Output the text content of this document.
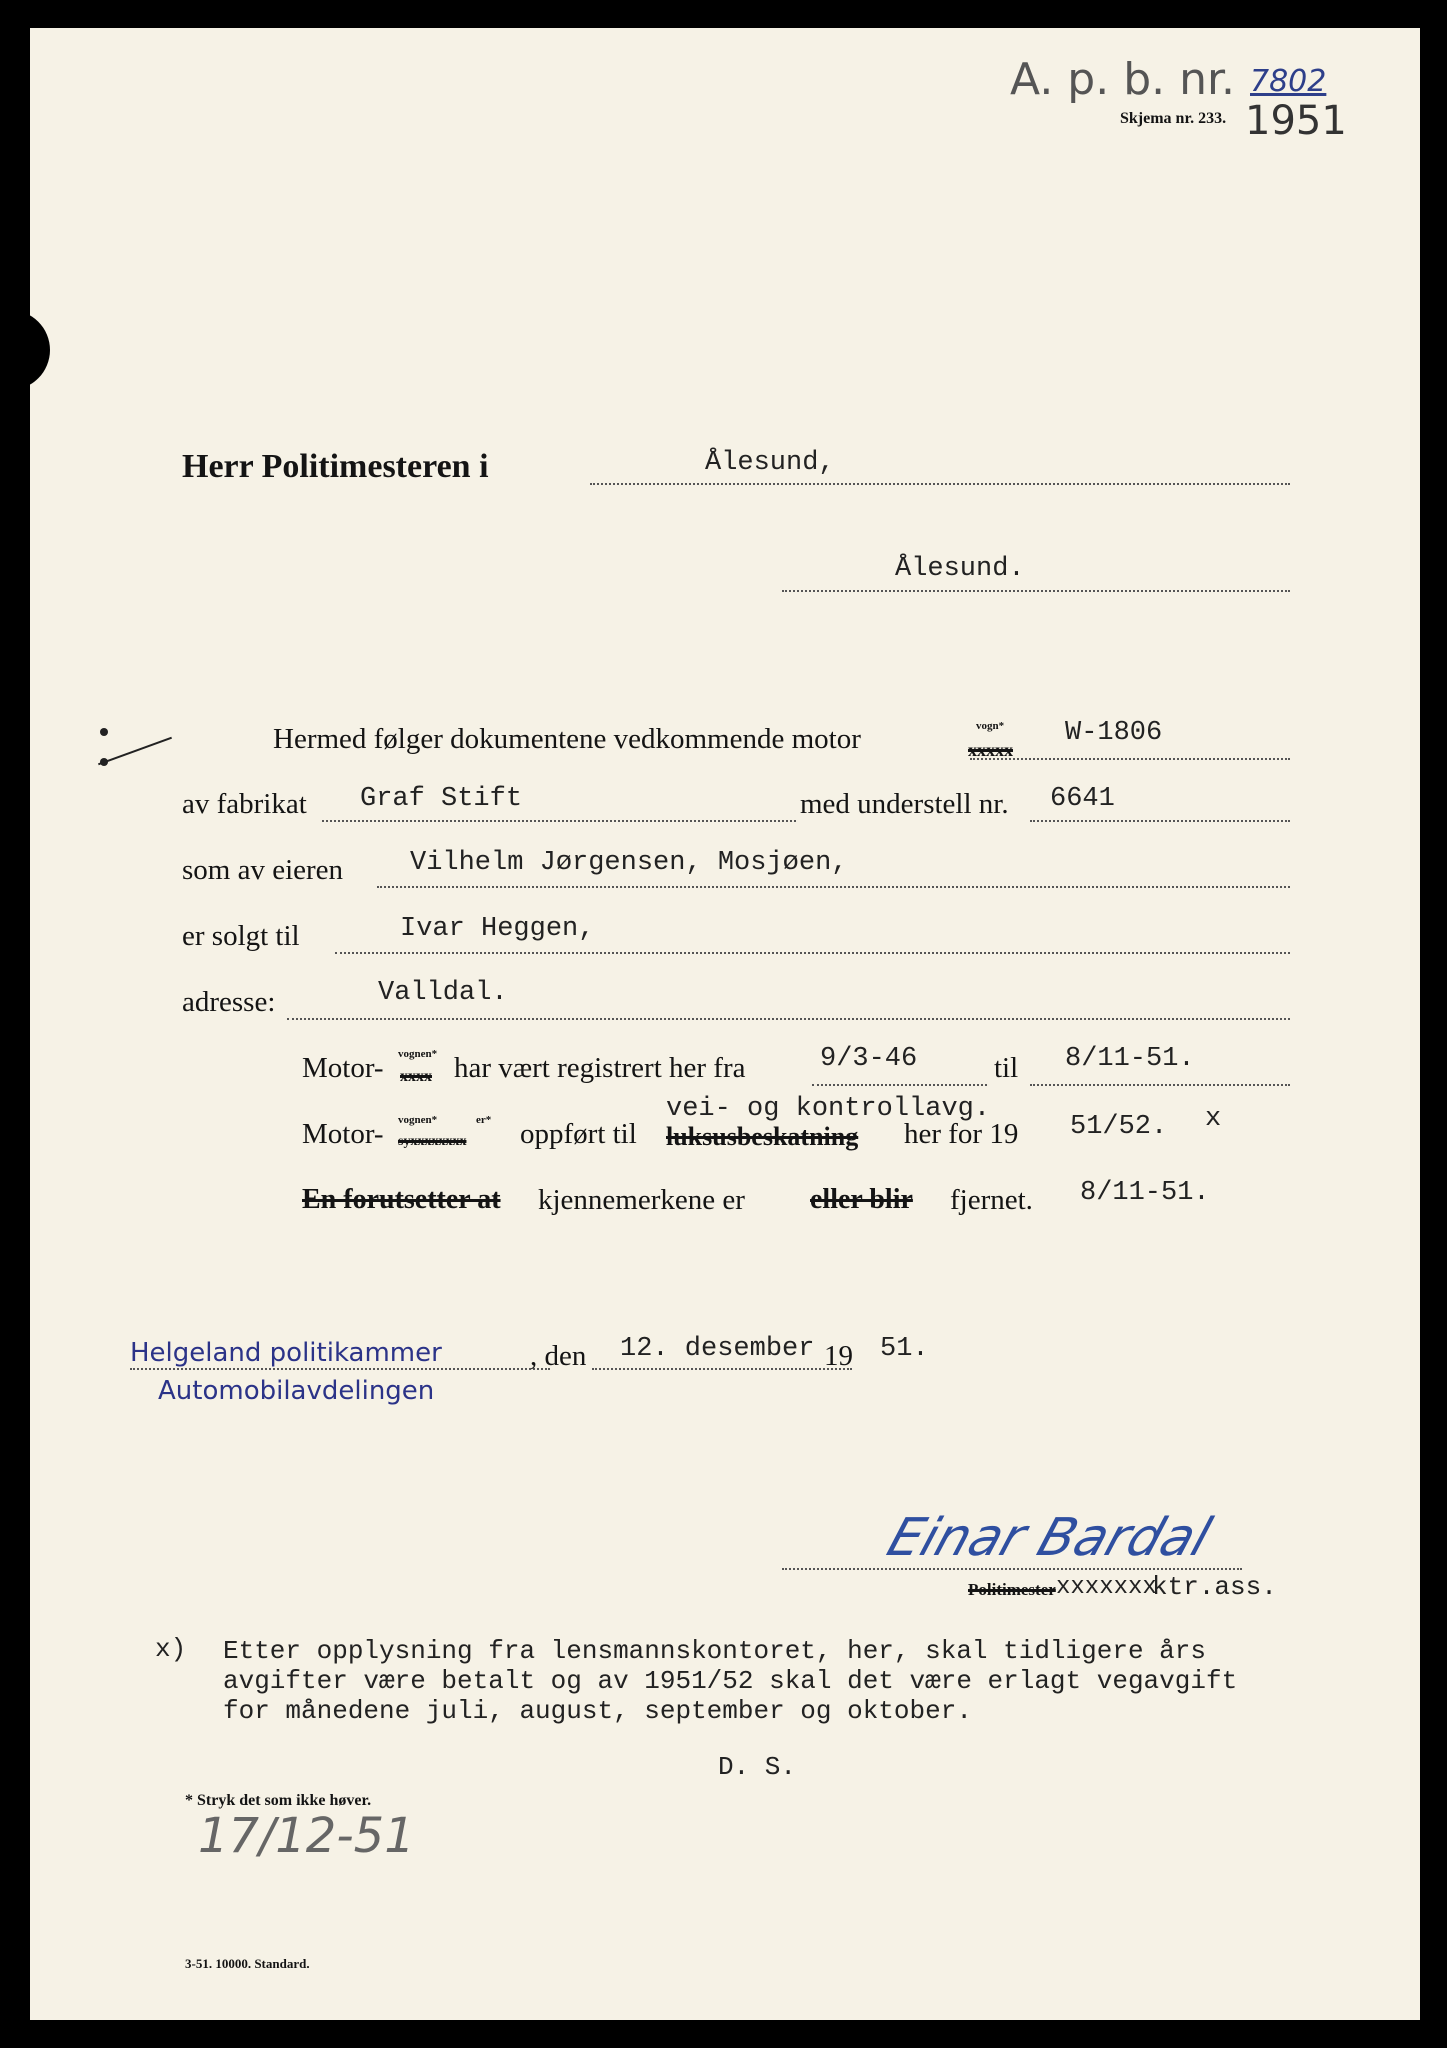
A. p. b. nr. 7802
Skjema nr. 233. 1951
Herr Politimesteren i	Ålesund,
Ålesund.
Hermed følger dokumentene vedkommende motor	vogn*
xxxxx
W-1806
av fabrikat Graf Stift	med understell nr. 6641
som av eieren Vilhelm Jørgensen, Mosjøen,
er solgt til	Ivar Heggen,
adresse:	Valldal.
Motor- vognen*
xxxx har vært registrert her fra	9/3-46	til 8/11-51.
Motor- vognen*	er*
syxxxxxxxx oppført til
vei- og kontrollavg.
luksusbeskatning her for 19 51/52. x
En forutsetter at kjennemerkene er eller blir fjernet. 8/11-51.
Helgeland politikammer
Automobilavdelingen
, den 12. desember 19 51.
Einar Bardal
Politimester xxxxxxx
ktr.ass.
x) Etter opplysning fra lensmannskontoret, her, skal tidligere års
avgifter være betalt og av 1951/52 skal det være erlagt vegavgift
for månedene juli, august, september og oktober.
D. S.
* Stryk det som ikke høver.
17/12-51
3-51. 10000. Standard.
